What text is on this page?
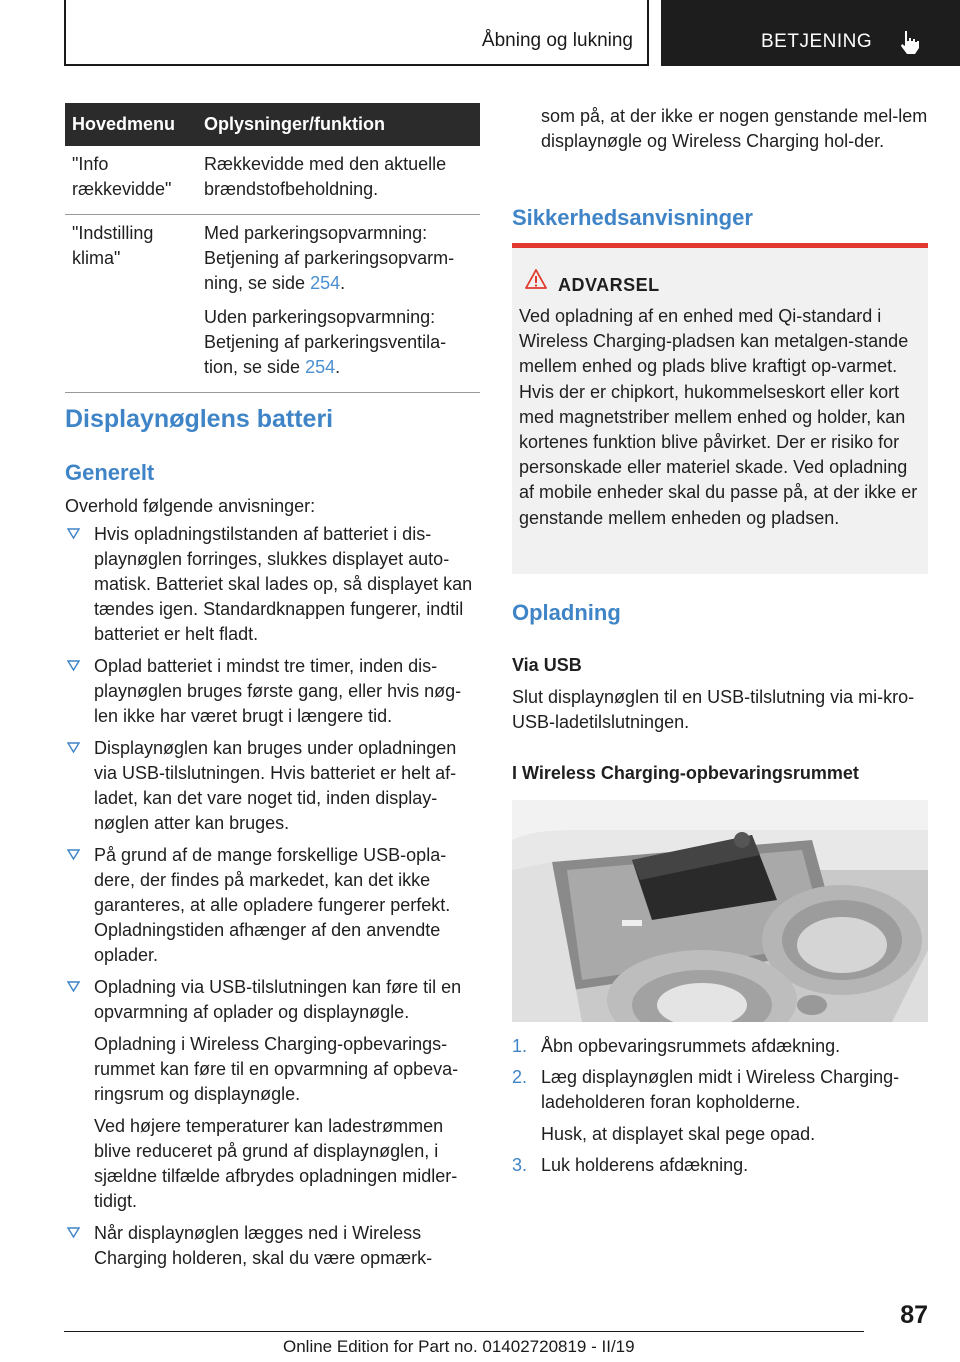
Åbning og lukning	BETJENING
Hovedmenu	Oplysninger/funktion
"Info rækkevidde"	Rækkevidde med den aktuelle brændstofbeholdning.
"Indstilling klima"	Med parkeringsopvarmning: Betjening af parkeringsopvarm-ning, se side 254.

Uden parkeringsopvarmning: Betjening af parkeringsventila-tion, se side 254.

Displaynøglens batteri
Generelt
Overhold følgende anvisninger:
Hvis opladningstilstanden af batteriet i dis-playnøglen forringes, slukkes displayet auto-matisk. Batteriet skal lades op, så displayet kan tændes igen. Standardknappen fungerer, indtil batteriet er helt fladt.
Oplad batteriet i mindst tre timer, inden dis-playnøglen bruges første gang, eller hvis nøg-len ikke har været brugt i længere tid.
Displaynøglen kan bruges under opladningen via USB-tilslutningen. Hvis batteriet er helt af-ladet, kan det vare noget tid, inden display-nøglen atter kan bruges.
På grund af de mange forskellige USB-opla-dere, der findes på markedet, kan det ikke garanteres, at alle opladere fungerer perfekt. Opladningstiden afhænger af den anvendte oplader.
Opladning via USB-tilslutningen kan føre til en opvarmning af oplader og displaynøgle.
Opladning i Wireless Charging-opbevarings-rummet kan føre til en opvarmning af opbeva-ringsrum og displaynøgle.
Ved højere temperaturer kan ladestrømmen blive reduceret på grund af displaynøglen, i sjældne tilfælde afbrydes opladningen midler-tidigt.
Når displaynøglen lægges ned i Wireless Charging holderen, skal du være opmærk-
som på, at der ikke er nogen genstande mel-lem displaynøgle og Wireless Charging hol-der.
Sikkerhedsanvisninger
ADVARSEL
Ved opladning af en enhed med Qi-standard i Wireless Charging-pladsen kan metalgen-stande mellem enhed og plads blive kraftigt op-varmet. Hvis der er chipkort, hukommelseskort eller kort med magnetstriber mellem enhed og holder, kan kortenes funktion blive påvirket. Der er risiko for personskade eller materiel skade. Ved opladning af mobile enheder skal du passe på, at der ikke er genstande mellem enheden og pladsen.
Opladning
Via USB
Slut displaynøglen til en USB-tilslutning via mi-kro-USB-ladetilslutningen.
I Wireless Charging-opbevaringsrummet
1. Åbn opbevaringsrummets afdækning.
2. Læg displaynøglen midt i Wireless Charging-ladeholderen foran kopholderne.
Husk, at displayet skal pege opad.
3. Luk holderens afdækning.
87
Online Edition for Part no. 01402720819 - II/19
